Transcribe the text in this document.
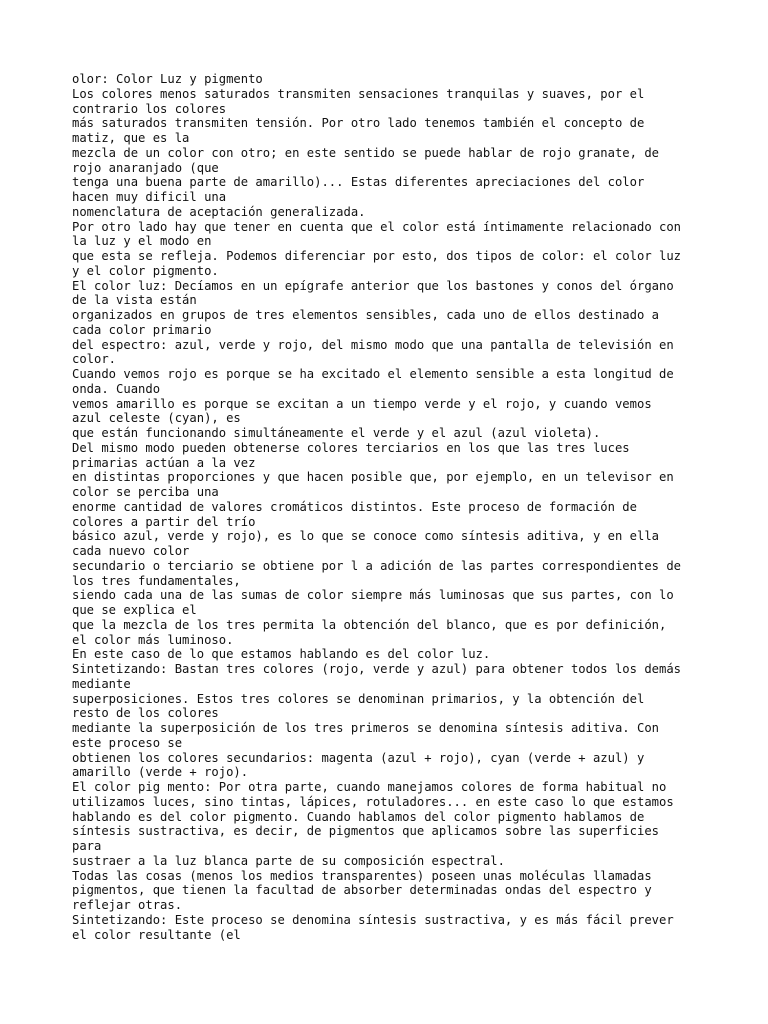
olor: Color Luz y pigmento
Los colores menos saturados transmiten sensaciones tranquilas y suaves, por el
contrario los colores
más saturados transmiten tensión. Por otro lado tenemos también el concepto de
matiz, que es la
mezcla de un color con otro; en este sentido se puede hablar de rojo granate, de
rojo anaranjado (que
tenga una buena parte de amarillo)... Estas diferentes apreciaciones del color
hacen muy dificil una
nomenclatura de aceptación generalizada.
Por otro lado hay que tener en cuenta que el color está íntimamente relacionado con
la luz y el modo en
que esta se refleja. Podemos diferenciar por esto, dos tipos de color: el color luz
y el color pigmento.
El color luz: Decíamos en un epígrafe anterior que los bastones y conos del órgano
de la vista están
organizados en grupos de tres elementos sensibles, cada uno de ellos destinado a
cada color primario
del espectro: azul, verde y rojo, del mismo modo que una pantalla de televisión en
color.
Cuando vemos rojo es porque se ha excitado el elemento sensible a esta longitud de
onda. Cuando
vemos amarillo es porque se excitan a un tiempo verde y el rojo, y cuando vemos
azul celeste (cyan), es
que están funcionando simultáneamente el verde y el azul (azul violeta).
Del mismo modo pueden obtenerse colores terciarios en los que las tres luces
primarias actúan a la vez
en distintas proporciones y que hacen posible que, por ejemplo, en un televisor en
color se perciba una
enorme cantidad de valores cromáticos distintos. Este proceso de formación de
colores a partir del trío
básico azul, verde y rojo), es lo que se conoce como síntesis aditiva, y en ella
cada nuevo color
secundario o terciario se obtiene por l a adición de las partes correspondientes de
los tres fundamentales,
siendo cada una de las sumas de color siempre más luminosas que sus partes, con lo
que se explica el
que la mezcla de los tres permita la obtención del blanco, que es por definición,
el color más luminoso.
En este caso de lo que estamos hablando es del color luz.
Sintetizando: Bastan tres colores (rojo, verde y azul) para obtener todos los demás
mediante
superposiciones. Estos tres colores se denominan primarios, y la obtención del
resto de los colores
mediante la superposición de los tres primeros se denomina síntesis aditiva. Con
este proceso se
obtienen los colores secundarios: magenta (azul + rojo), cyan (verde + azul) y
amarillo (verde + rojo).
El color pig mento: Por otra parte, cuando manejamos colores de forma habitual no
utilizamos luces, sino tintas, lápices, rotuladores... en este caso lo que estamos
hablando es del color pigmento. Cuando hablamos del color pigmento hablamos de
síntesis sustractiva, es decir, de pigmentos que aplicamos sobre las superficies
para
sustraer a la luz blanca parte de su composición espectral.
Todas las cosas (menos los medios transparentes) poseen unas moléculas llamadas
pigmentos, que tienen la facultad de absorber determinadas ondas del espectro y
reflejar otras.
Sintetizando: Este proceso se denomina síntesis sustractiva, y es más fácil prever
el color resultante (el
